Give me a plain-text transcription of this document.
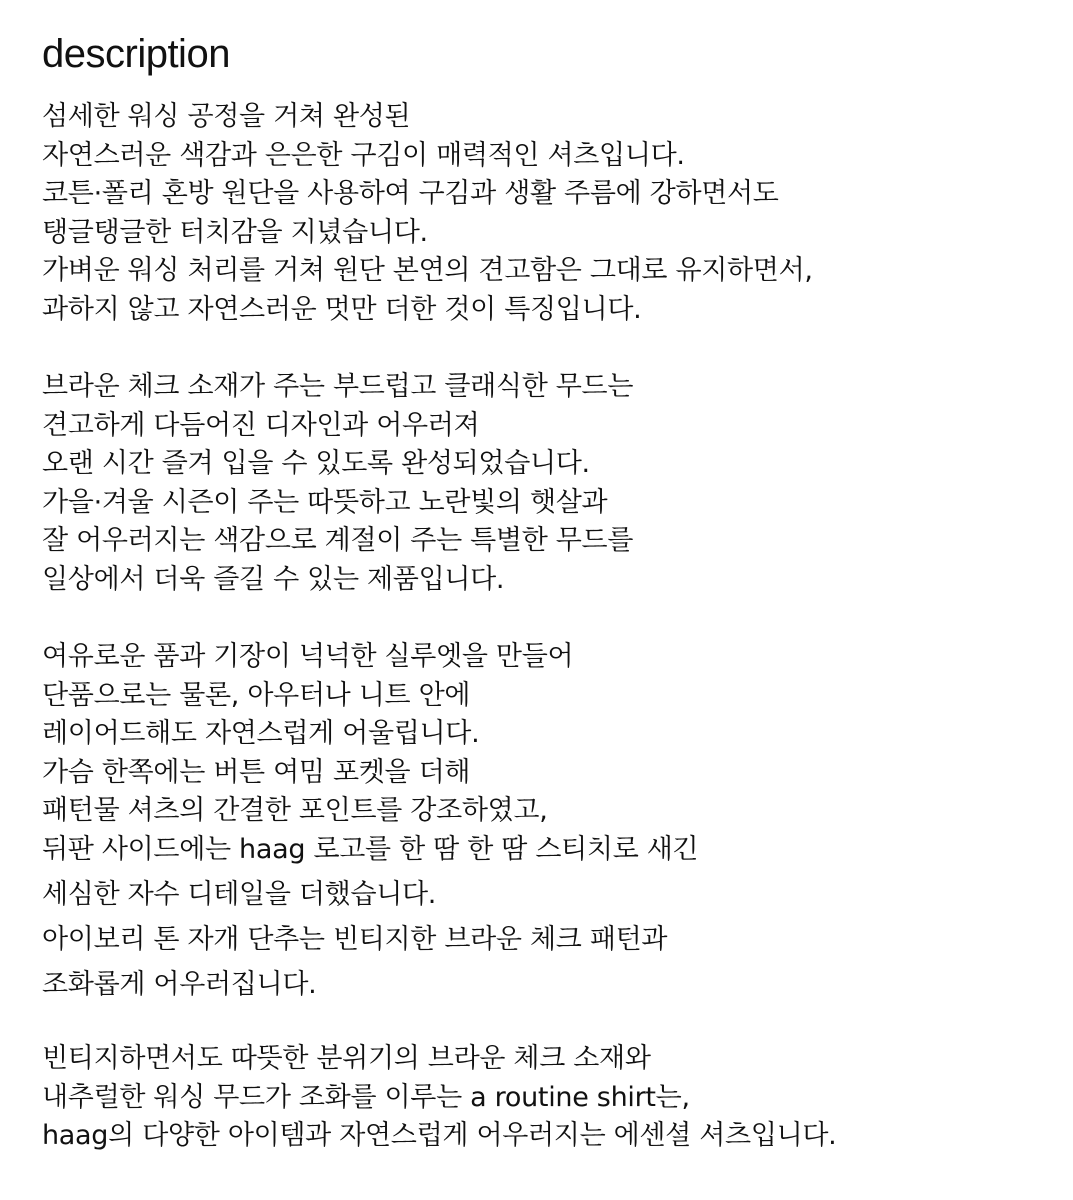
description
섬세한 워싱 공정을 거쳐 완성된
자연스러운 색감과 은은한 구김이 매력적인 셔츠입니다.
코튼·폴리 혼방 원단을 사용하여 구김과 생활 주름에 강하면서도
탱글탱글한 터치감을 지녔습니다.
가벼운 워싱 처리를 거쳐 원단 본연의 견고함은 그대로 유지하면서,
과하지 않고 자연스러운 멋만 더한 것이 특징입니다.
브라운 체크 소재가 주는 부드럽고 클래식한 무드는
견고하게 다듬어진 디자인과 어우러져
오랜 시간 즐겨 입을 수 있도록 완성되었습니다.
가을·겨울 시즌이 주는 따뜻하고 노란빛의 햇살과
잘 어우러지는 색감으로 계절이 주는 특별한 무드를
일상에서 더욱 즐길 수 있는 제품입니다.
여유로운 품과 기장이 넉넉한 실루엣을 만들어
단품으로는 물론, 아우터나 니트 안에
레이어드해도 자연스럽게 어울립니다.
가슴 한쪽에는 버튼 여밈 포켓을 더해
패턴물 셔츠의 간결한 포인트를 강조하였고,
뒤판 사이드에는 haag 로고를 한 땀 한 땀 스티치로 새긴
세심한 자수 디테일을 더했습니다.
아이보리 톤 자개 단추는 빈티지한 브라운 체크 패턴과
조화롭게 어우러집니다.
빈티지하면서도 따뜻한 분위기의 브라운 체크 소재와
내추럴한 워싱 무드가 조화를 이루는 a routine shirt는,
haag의 다양한 아이템과 자연스럽게 어우러지는 에센셜 셔츠입니다.
